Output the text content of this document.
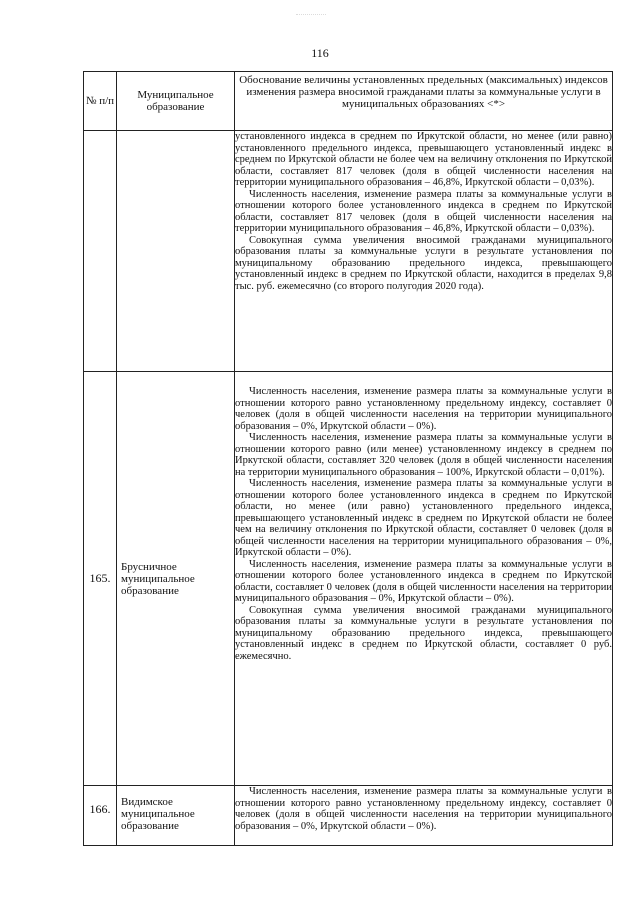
116
№ п/п	Муниципальное образование	Обоснование величины установленных предельных (максимальных) индексов изменения размера вносимой гражданами платы за коммунальные услуги в муниципальных образованиях <*>

		установленного индекса в среднем по Иркутской области, но менее (или равно) установленного предельного индекса, превышающего установленный индекс в среднем по Иркутской области не более чем на величину отклонения по Иркутской области, составляет 817 человек (доля в общей численности населения на территории муниципального образования – 46,8%, Иркутской области – 0,03%).

Численность населения, изменение размера платы за коммунальные услуги в отношении которого более установленного индекса в среднем по Иркутской области, составляет 817 человек (доля в общей численности населения на территории муниципального образования – 46,8%, Иркутской области – 0,03%).

Совокупная сумма увеличения вносимой гражданами муниципального образования платы за коммунальные услуги в результате установления по муниципальному образованию предельного индекса, превышающего установленный индекс в среднем по Иркутской области, находится в пределах 9,8 тыс. руб. ежемесячно (со второго полугодия 2020 года).

165.	Брусничное муниципальное образование	Численность населения, изменение размера платы за коммунальные услуги в отношении которого равно установленному предельному индексу, составляет 0 человек (доля в общей численности населения на территории муниципального образования – 0%, Иркутской области – 0%).

Численность населения, изменение размера платы за коммунальные услуги в отношении которого равно (или менее) установленному индексу в среднем по Иркутской области, составляет 320 человек (доля в общей численности населения на территории муниципального образования – 100%, Иркутской области – 0,01%).

Численность населения, изменение размера платы за коммунальные услуги в отношении которого более установленного индекса в среднем по Иркутской области, но менее (или равно) установленного предельного индекса, превышающего установленный индекс в среднем по Иркутской области не более чем на величину отклонения по Иркутской области, составляет 0 человек (доля в общей численности населения на территории муниципального образования – 0%, Иркутской области – 0%).

Численность населения, изменение размера платы за коммунальные услуги в отношении которого более установленного индекса в среднем по Иркутской области, составляет 0 человек (доля в общей численности населения на территории муниципального образования – 0%, Иркутской области – 0%).

Совокупная сумма увеличения вносимой гражданами муниципального образования платы за коммунальные услуги в результате установления по муниципальному образованию предельного индекса, превышающего установленный индекс в среднем по Иркутской области, составляет 0 руб. ежемесячно.

166.	Видимское муниципальное образование	Численность населения, изменение размера платы за коммунальные услуги в отношении которого равно установленному предельному индексу, составляет 0 человек (доля в общей численности населения на территории муниципального образования – 0%, Иркутской области – 0%).
